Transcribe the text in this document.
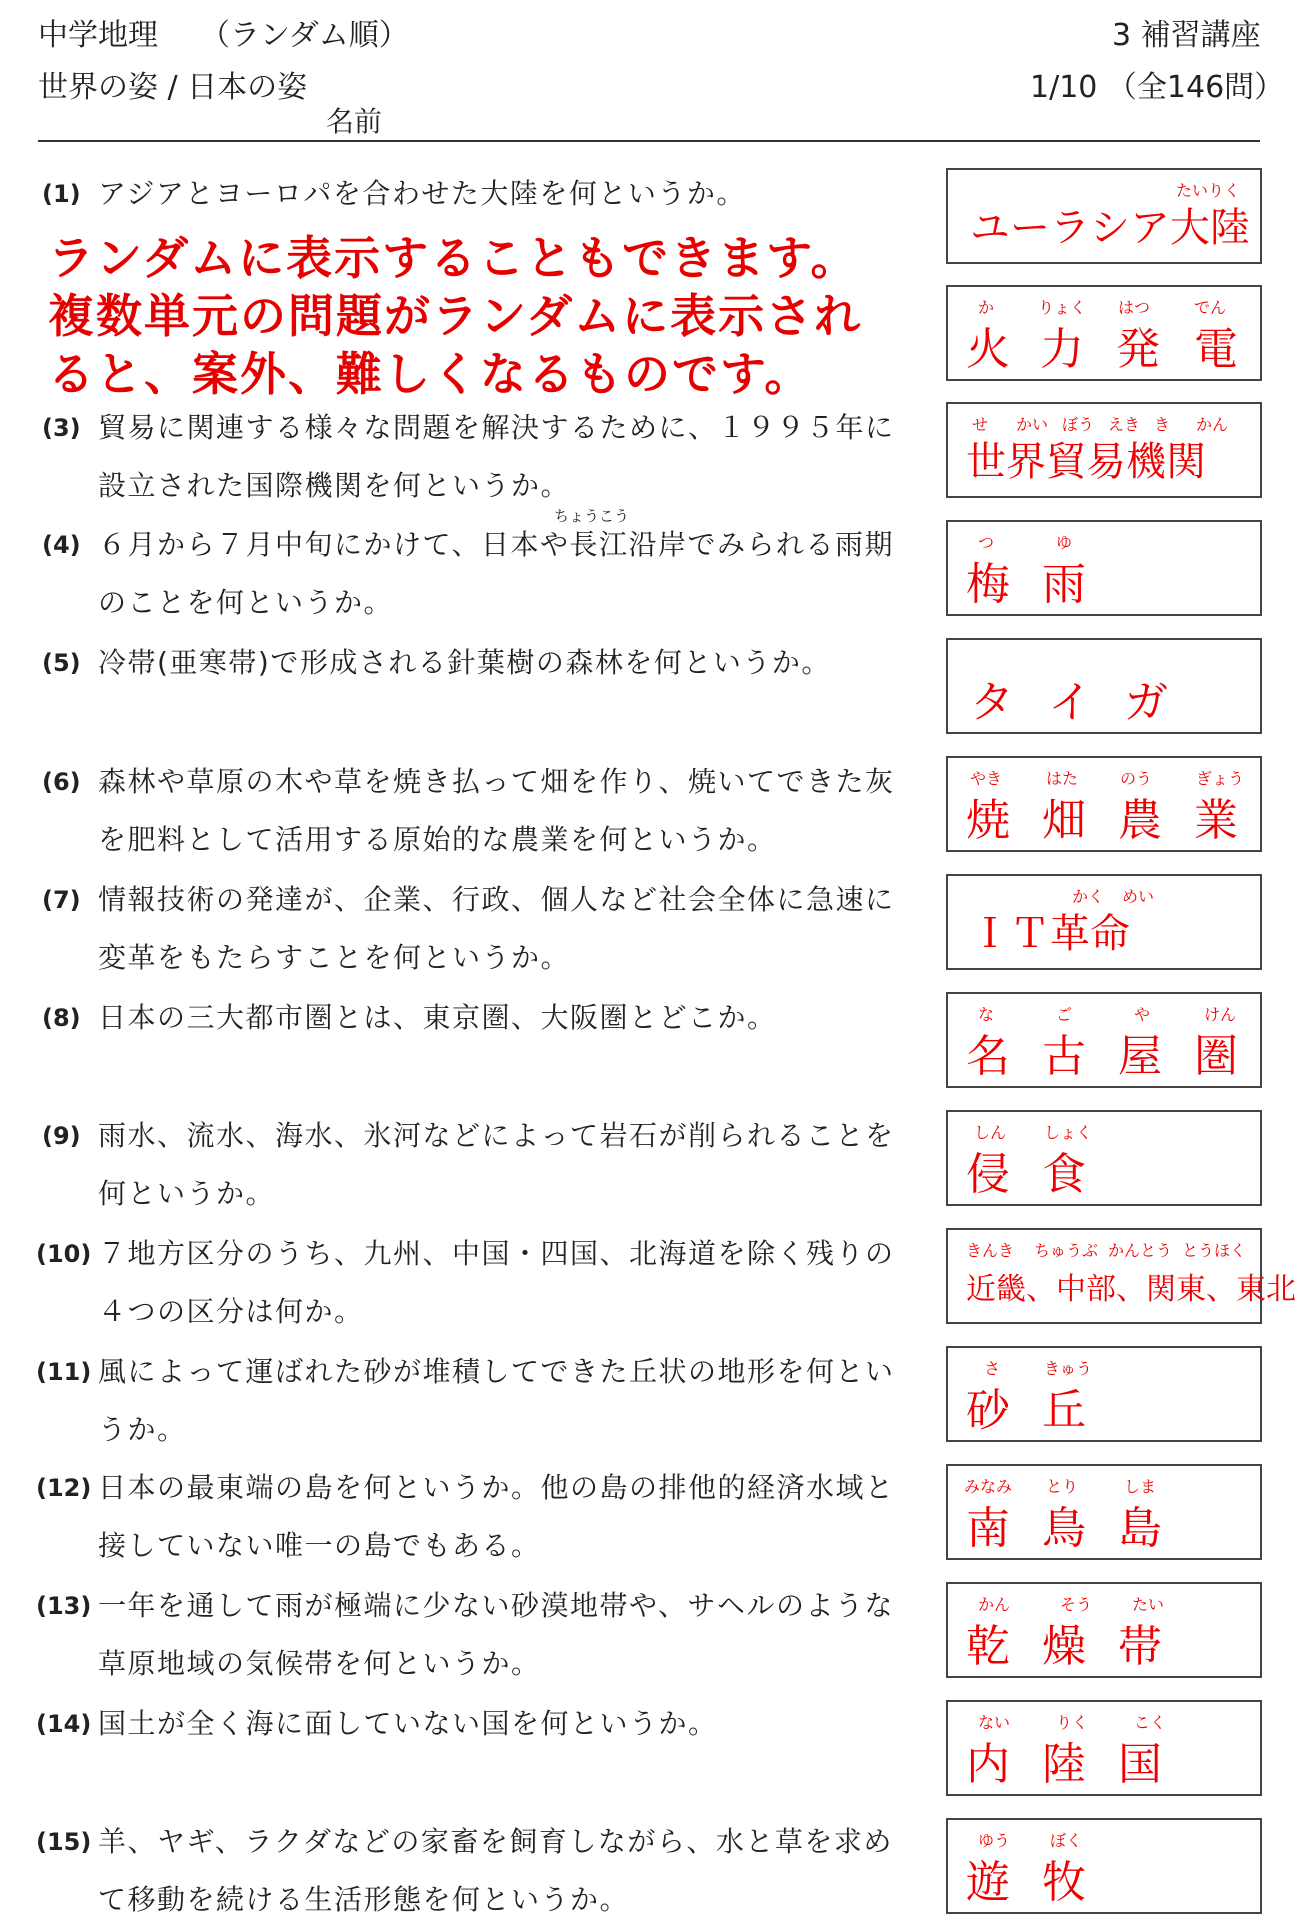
中学地理 （ランダム順）	3 補習講座
世界の姿 / 日本の姿	1/10 （全146問）
名前
(1) アジアとヨーロパを合わせた大陸を何というか。	たいりく
ユーラシア大陸
か	りょく はつ	でん
火 力 発 電
(3) 貿易に関連する様々な問題を解決するために、１９９５年に
設立された国際機関を何というか。
せ かい ぼう えき き かん
世界貿易機関
(4) ６月から７月中旬にかけて、日本や長江沿岸でみられる雨期
のことを何というか。
ちょうこう
つ	ゆ
梅 雨
(5) 冷帯(亜寒帯)で形成される針葉樹の森林を何というか。
タ イ ガ
(6) 森林や草原の木や草を焼き払って畑を作り、焼いてできた灰
を肥料として活用する原始的な農業を何というか。
やき	はた	のう	ぎょう
焼 畑 農 業
(7) 情報技術の発達が、企業、行政、個人など社会全体に急速に
変革をもたらすことを何というか。
かく めい
ＩＴ革命
(8) 日本の三大都市圏とは、東京圏、大阪圏とどこか。	な	ご	や	けん
名 古 屋 圏
(9) 雨水、流水、海水、氷河などによって岩石が削られることを
何というか。
しん しょく
侵 食
(10) ７地方区分のうち、九州、中国・四国、北海道を除く残りの
４つの区分は何か。
きんき ちゅうぶ かんとう とうほく
近畿、中部、関東、東北
(11) 風によって運ばれた砂が堆積してできた丘状の地形を何とい
うか。
さ	きゅう
砂 丘
(12) 日本の最東端の島を何というか。他の島の排他的経済水域と
接していない唯一の島でもある。
みなみ とり	しま
南 鳥 島
(13) 一年を通して雨が極端に少ない砂漠地帯や、サヘルのような
草原地域の気候帯を何というか。
かん	そう たい
乾 燥 帯
(14) 国土が全く海に面していない国を何というか。	ない	りく	こく
内 陸 国
(15) 羊、ヤギ、ラクダなどの家畜を飼育しながら、水と草を求め
て移動を続ける生活形態を何というか。
ゆう ぼく
遊 牧
ランダムに表示することもできます。
複数単元の問題がランダムに表示され
ると、案外、難しくなるものです。
